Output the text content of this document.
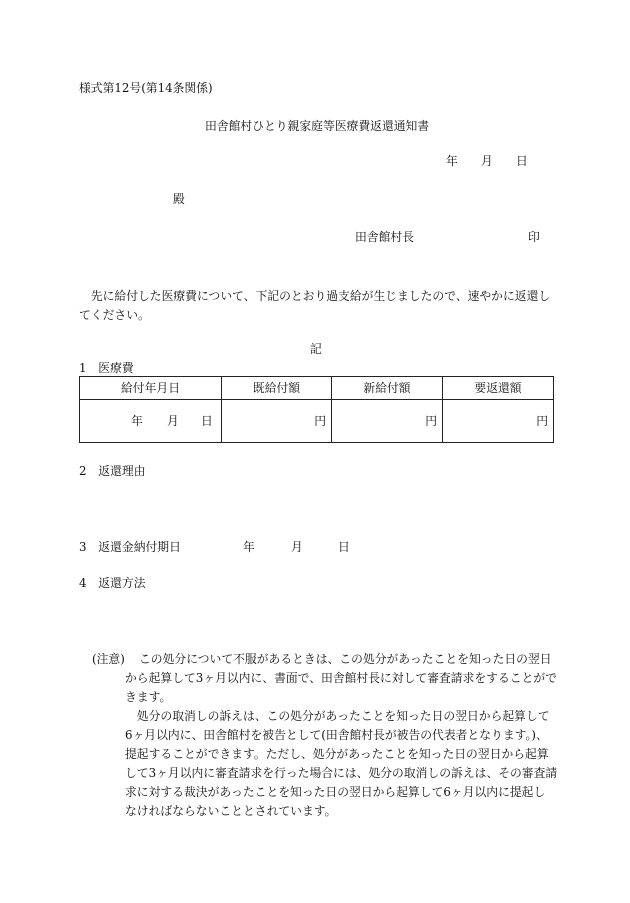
様式第12号(第14条関係)
田舎館村ひとり親家庭等医療費返還通知書
年 月 日
殿
田舎館村長	印
　先に給付した医療費について、下記のとおり過支給が生じましたので、速やかに返還し
てください。
記
1　医療費
給付年月日	既給付額	新給付額	要返還額

年 月 日	円	円	円
2　返還理由
3　返還金納付期日	年	月	日
4　返還方法
(注意) この処分について不服があるときは、この処分があったことを知った日の翌日
から起算して3ヶ月以内に、書面で、田舎館村長に対して審査請求をすることがで
きます。
　処分の取消しの訴えは、この処分があったことを知った日の翌日から起算して
6ヶ月以内に、田舎館村を被告として(田舎館村長が被告の代表者となります。)、
提起することができます。ただし、処分があったことを知った日の翌日から起算
して3ヶ月以内に審査請求を行った場合には、処分の取消しの訴えは、その審査請
求に対する裁決があったことを知った日の翌日から起算して6ヶ月以内に提起し
なければならないこととされています。
